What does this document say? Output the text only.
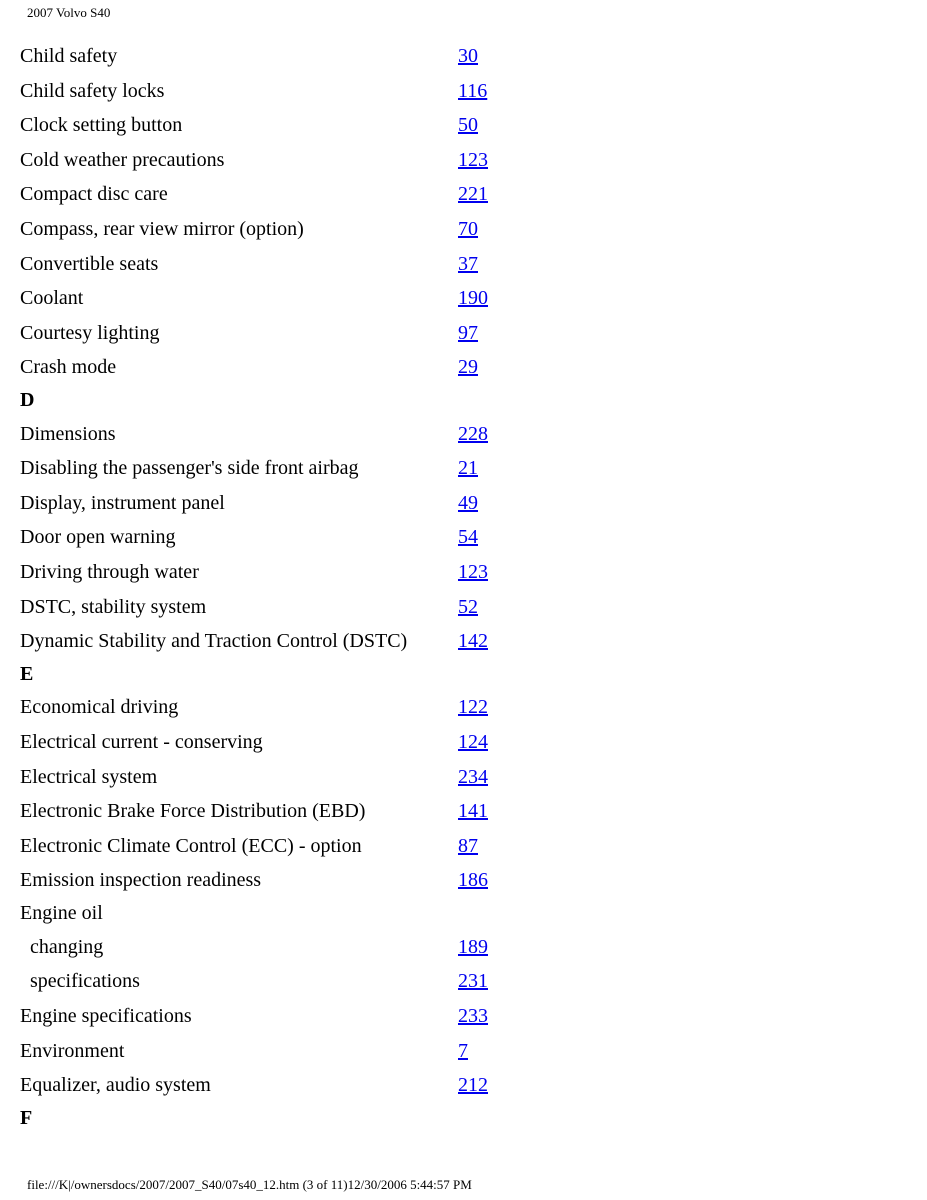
2007 Volvo S40
Child safety	30
Child safety locks	116
Clock setting button	50
Cold weather precautions	123
Compact disc care	221
Compass, rear view mirror (option)	70
Convertible seats	37
Coolant	190
Courtesy lighting	97
Crash mode	29
D
Dimensions	228
Disabling the passenger's side front airbag	21
Display, instrument panel	49
Door open warning	54
Driving through water	123
DSTC, stability system	52
Dynamic Stability and Traction Control (DSTC)	142
E
Economical driving	122
Electrical current - conserving	124
Electrical system	234
Electronic Brake Force Distribution (EBD)	141
Electronic Climate Control (ECC) - option	87
Emission inspection readiness	186
Engine oil
changing	189
specifications	231
Engine specifications	233
Environment	7
Equalizer, audio system	212
F
file:///K|/ownersdocs/2007/2007_S40/07s40_12.htm (3 of 11)12/30/2006 5:44:57 PM
